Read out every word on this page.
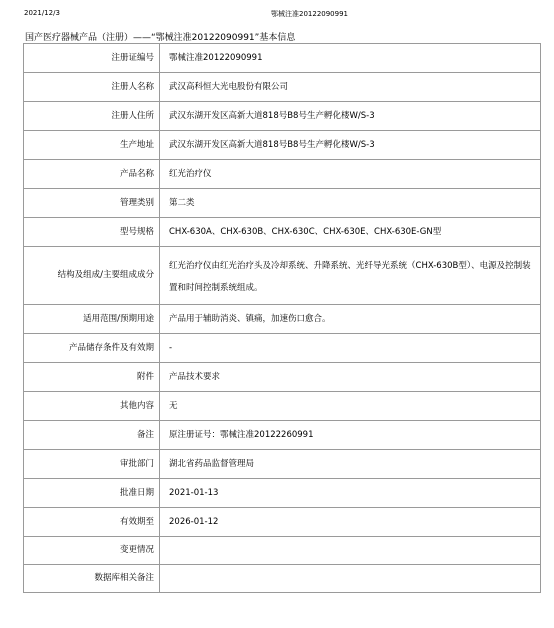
2021/12/3	鄂械注准20122090991
国产医疗器械产品（注册）——“鄂械注准20122090991”基本信息
注册证编号	鄂械注准20122090991
注册人名称	武汉高科恒大光电股份有限公司
注册人住所	武汉东湖开发区高新大道818号B8号生产孵化楼W/S-3
生产地址	武汉东湖开发区高新大道818号B8号生产孵化楼W/S-3
产品名称	红光治疗仪
管理类别	第二类
型号规格	CHX-630A、CHX-630B、CHX-630C、CHX-630E、CHX-630E-GN型
结构及组成/主要组成成分	红光治疗仪由红光治疗头及冷却系统、升降系统、光纤导光系统（CHX-630B型）、电源及控制装置和时间控制系统组成。

适用范围/预期用途	产品用于辅助消炎、镇痛，加速伤口愈合。
产品储存条件及有效期	-
附件	产品技术要求
其他内容	无
备注	原注册证号：鄂械注准20122260991
审批部门	湖北省药品监督管理局
批准日期	2021-01-13
有效期至	2026-01-12
变更情况	
数据库相关备注	
